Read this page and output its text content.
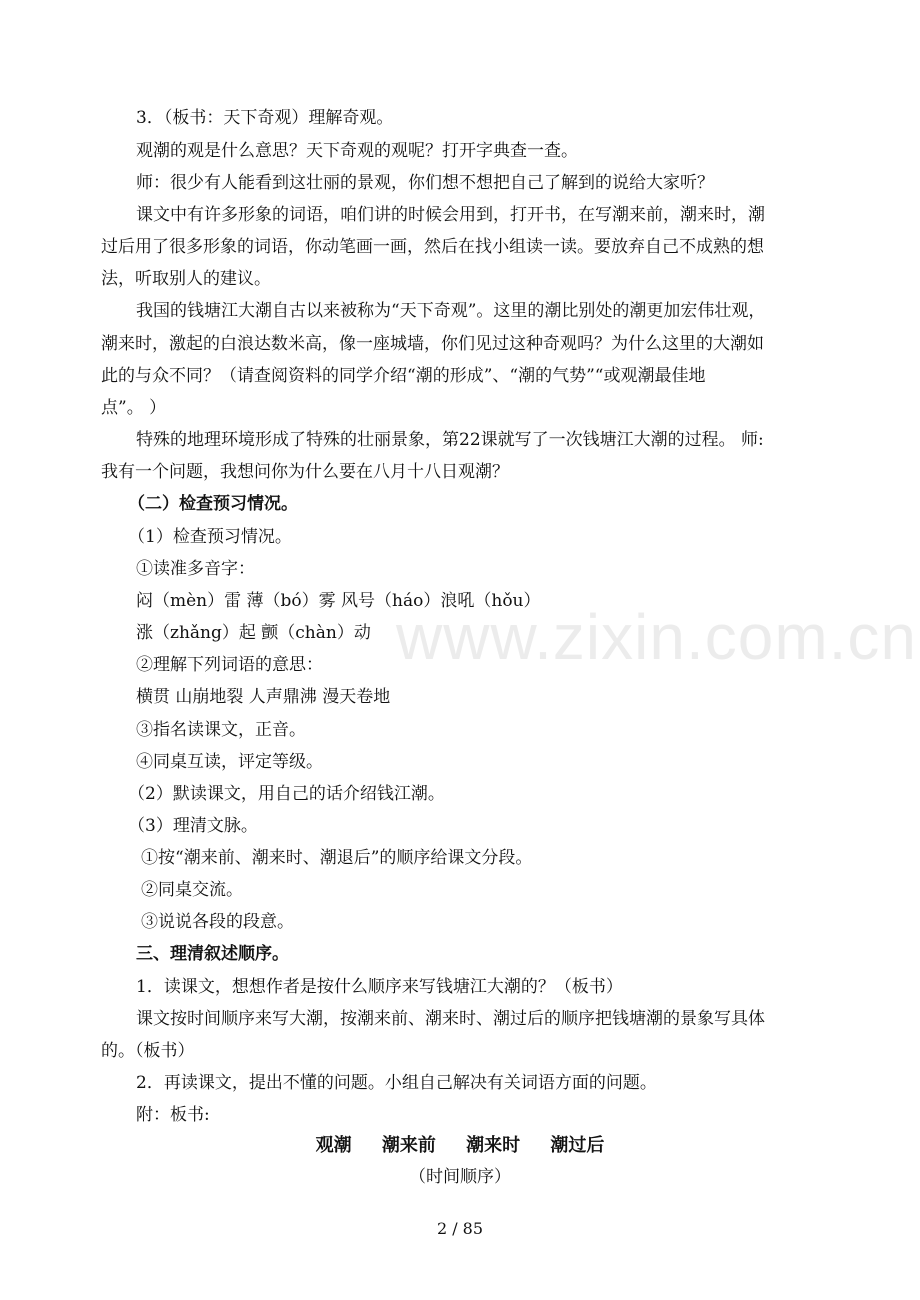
www.zixin.com.cn
3．（板书：天下奇观）理解奇观。
观潮的观是什么意思？天下奇观的观呢？打开字典查一查。
师：很少有人能看到这壮丽的景观，你们想不想把自己了解到的说给大家听？
课文中有许多形象的词语，咱们讲的时候会用到，打开书，在写潮来前，潮来时，潮
过后用了很多形象的词语，你动笔画一画，然后在找小组读一读。要放弃自己不成熟的想
法，听取别人的建议。
我国的钱塘江大潮自古以来被称为“天下奇观”。这里的潮比别处的潮更加宏伟壮观，
潮来时，激起的白浪达数米高，像一座城墙，你们见过这种奇观吗？为什么这里的大潮如
此的与众不同？（请查阅资料的同学介绍“潮的形成”、“潮的气势”“或观潮最佳地
点”。 ）
特殊的地理环境形成了特殊的壮丽景象，第22课就写了一次钱塘江大潮的过程。 师:
我有一个问题，我想问你为什么要在八月十八日观潮？
（二）检查预习情况。
（1）检查预习情况。
①读准多音字：
闷（mèn）雷 薄（bó）雾 风号（háo）浪吼（hǒu）
涨（zhǎng）起 颤（chàn）动
②理解下列词语的意思：
横贯 山崩地裂 人声鼎沸 漫天卷地
③指名读课文，正音。
④同桌互读，评定等级。
（2）默读课文，用自己的话介绍钱江潮。
（3）理清文脉。
①按“潮来前、潮来时、潮退后”的顺序给课文分段。
②同桌交流。
③说说各段的段意。
三、理清叙述顺序。
1．读课文，想想作者是按什么顺序来写钱塘江大潮的？（板书）
课文按时间顺序来写大潮，按潮来前、潮来时、潮过后的顺序把钱塘潮的景象写具体
的。（板书）
2．再读课文，提出不懂的问题。小组自己解决有关词语方面的问题。
附：板书:
观潮 潮来前 潮来时 潮过后
（时间顺序）
2 / 85
